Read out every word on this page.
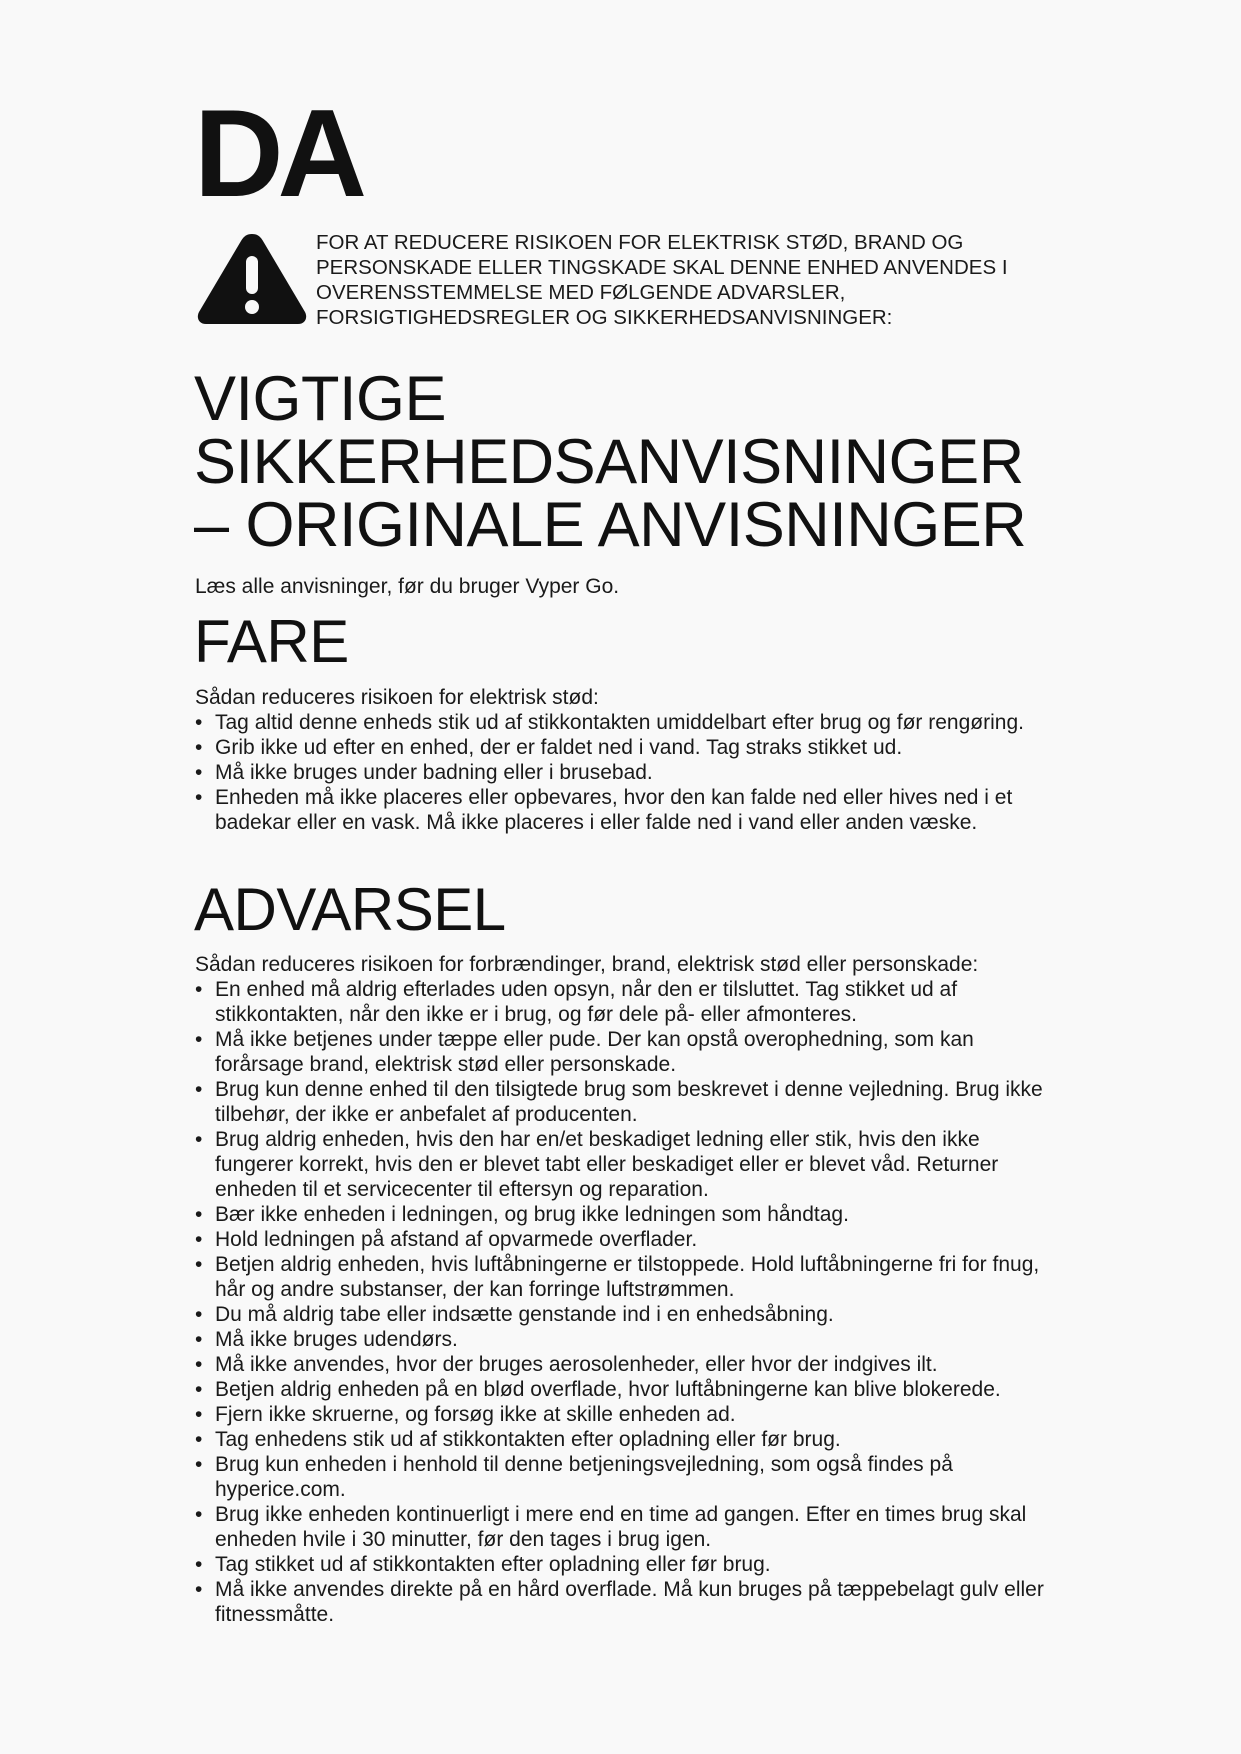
DA
FOR AT REDUCERE RISIKOEN FOR ELEKTRISK STØD, BRAND OG PERSONSKADE ELLER TINGSKADE SKAL DENNE ENHED ANVENDES I OVERENSSTEMMELSE MED FØLGENDE ADVARSLER, FORSIGTIGHEDSREGLER OG SIKKERHEDSANVISNINGER:
VIGTIGE
SIKKERHEDSANVISNINGER
– ORIGINALE ANVISNINGER
Læs alle anvisninger, før du bruger Vyper Go.
FARE
Sådan reduceres risikoen for elektrisk stød:
• Tag altid denne enheds stik ud af stikkontakten umiddelbart efter brug og før rengøring.
• Grib ikke ud efter en enhed, der er faldet ned i vand. Tag straks stikket ud.
• Må ikke bruges under badning eller i brusebad.
• Enheden må ikke placeres eller opbevares, hvor den kan falde ned eller hives ned i et badekar eller en vask. Må ikke placeres i eller falde ned i vand eller anden væske.
ADVARSEL
Sådan reduceres risikoen for forbrændinger, brand, elektrisk stød eller personskade:
• En enhed må aldrig efterlades uden opsyn, når den er tilsluttet. Tag stikket ud af stikkontakten, når den ikke er i brug, og før dele på- eller afmonteres.
• Må ikke betjenes under tæppe eller pude. Der kan opstå overophedning, som kan forårsage brand, elektrisk stød eller personskade.
• Brug kun denne enhed til den tilsigtede brug som beskrevet i denne vejledning. Brug ikke tilbehør, der ikke er anbefalet af producenten.
• Brug aldrig enheden, hvis den har en/et beskadiget ledning eller stik, hvis den ikke fungerer korrekt, hvis den er blevet tabt eller beskadiget eller er blevet våd. Returner enheden til et servicecenter til eftersyn og reparation.
• Bær ikke enheden i ledningen, og brug ikke ledningen som håndtag.
• Hold ledningen på afstand af opvarmede overflader.
• Betjen aldrig enheden, hvis luftåbningerne er tilstoppede. Hold luftåbningerne fri for fnug, hår og andre substanser, der kan forringe luftstrømmen.
• Du må aldrig tabe eller indsætte genstande ind i en enhedsåbning.
• Må ikke bruges udendørs.
• Må ikke anvendes, hvor der bruges aerosolenheder, eller hvor der indgives ilt.
• Betjen aldrig enheden på en blød overflade, hvor luftåbningerne kan blive blokerede.
• Fjern ikke skruerne, og forsøg ikke at skille enheden ad.
• Tag enhedens stik ud af stikkontakten efter opladning eller før brug.
• Brug kun enheden i henhold til denne betjeningsvejledning, som også findes på hyperice.com.
• Brug ikke enheden kontinuerligt i mere end en time ad gangen. Efter en times brug skal enheden hvile i 30 minutter, før den tages i brug igen.
• Tag stikket ud af stikkontakten efter opladning eller før brug.
• Må ikke anvendes direkte på en hård overflade. Må kun bruges på tæppebelagt gulv eller fitnessmåtte.
